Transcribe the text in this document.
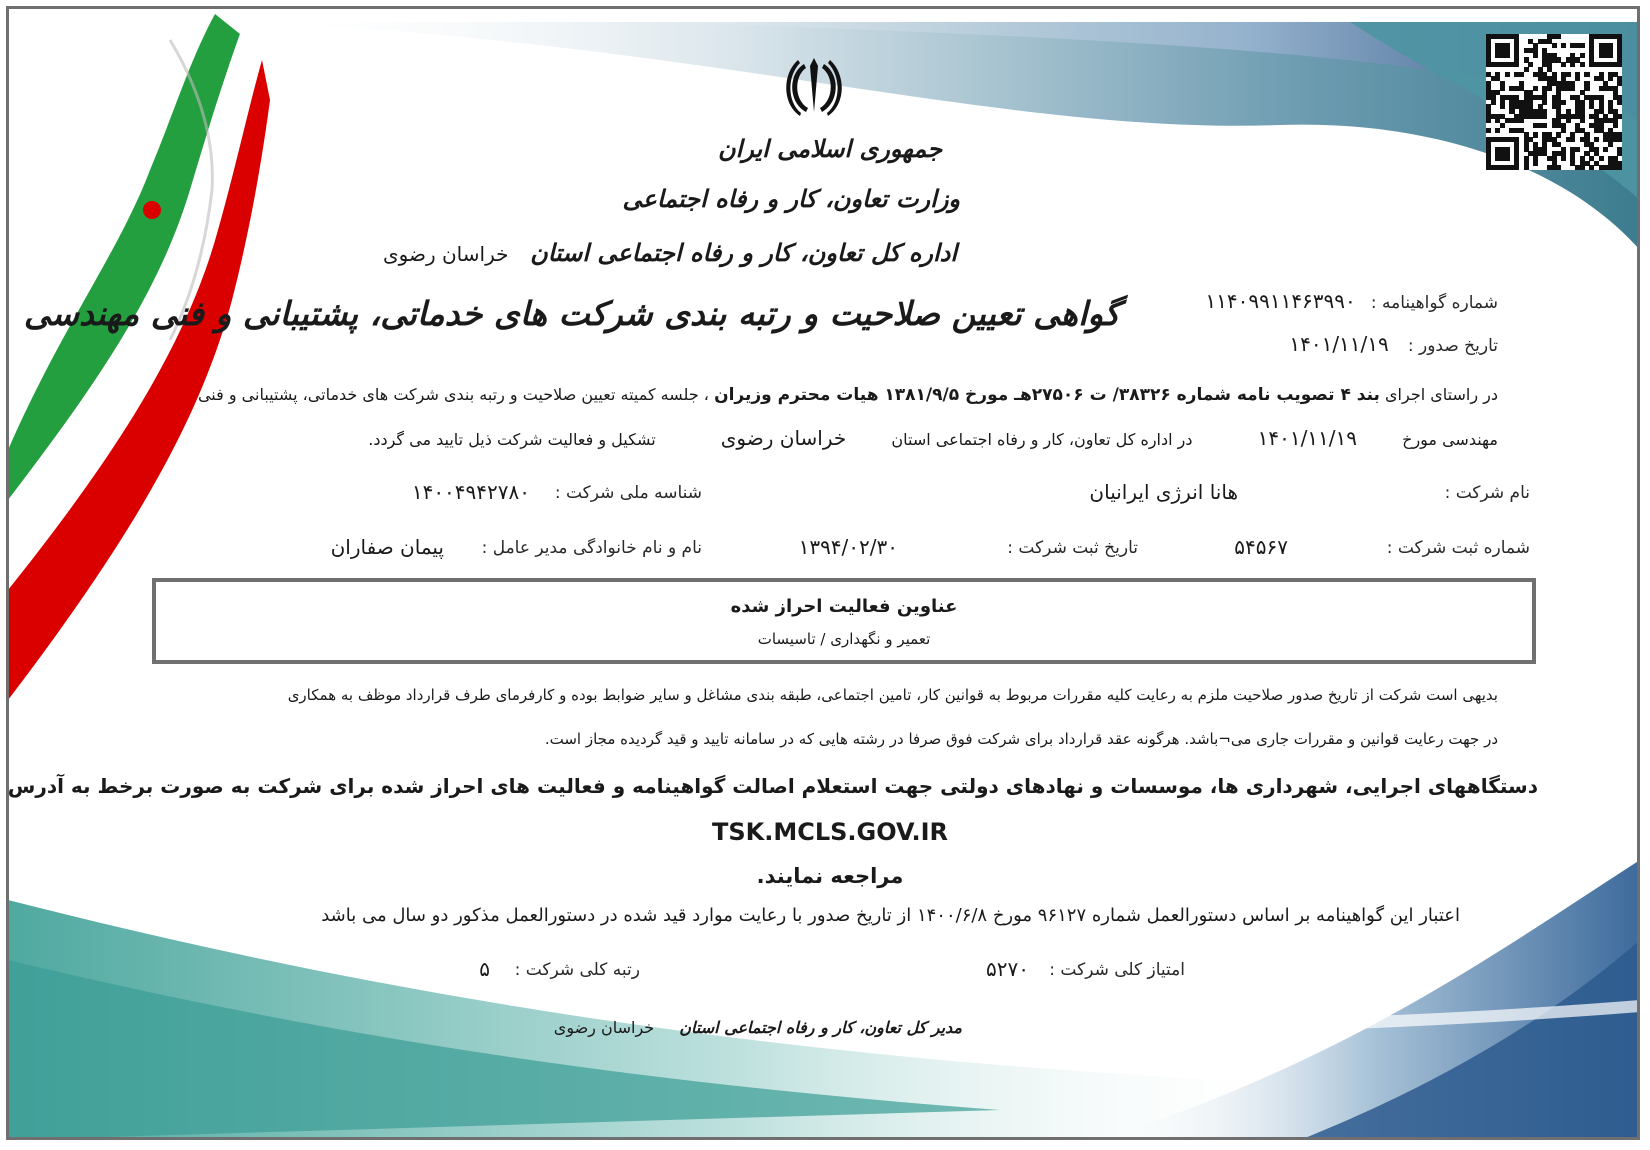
جمهوری اسلامی ایران
وزارت تعاون، کار و رفاه اجتماعی
اداره کل تعاون، کار و رفاه اجتماعی استان خراسان رضوی
گواهی تعیین صلاحیت و رتبه بندی شرکت های خدماتی، پشتیبانی و فنی مهندسی	شماره گواهینامه : ۱۱۴۰۹۹۱۱۴۶۳۹۹۰
تاریخ صدور : ۱۴۰۱/۱۱/۱۹
در راستای اجرای بند ۴ تصویب نامه شماره ۳۸۳۲۶/ ت ۲۷۵۰۶هـ مورخ ۱۳۸۱/۹/۵ هیات محترم وزیران ، جلسه کمیته تعیین صلاحیت و رتبه بندی شرکت های خدماتی، پشتیبانی و فنی
مهندسی مورخ ۱۴۰۱/۱۱/۱۹ در اداره کل تعاون، کار و رفاه اجتماعی استان خراسان رضوی تشکیل و فعالیت شرکت ذیل تایید می گردد.
نام شرکت :
هانا انرژی ایرانیان
شناسه ملی شرکت :
۱۴۰۰۴۹۴۲۷۸۰
شماره ثبت شرکت :
۵۴۵۶۷
تاریخ ثبت شرکت :
۱۳۹۴/۰۲/۳۰
نام و نام خانوادگی مدیر عامل :
پیمان صفاران
عناوین فعالیت احراز شده
تعمیر و نگهداری / تاسیسات
بدیهی است شرکت از تاریخ صدور صلاحیت ملزم به رعایت کلیه مقررات مربوط به قوانین کار، تامین اجتماعی، طبقه بندی مشاغل و سایر ضوابط بوده و کارفرمای طرف قرارداد موظف به همکاری
در جهت رعایت قوانین و مقررات جاری می¬باشد. هرگونه عقد قرارداد برای شرکت فوق صرفا در رشته هایی که در سامانه تایید و قید گردیده مجاز است.
دستگاههای اجرایی، شهرداری ها، موسسات و نهادهای دولتی جهت استعلام اصالت گواهینامه و فعالیت های احراز شده برای شرکت به صورت برخط به آدرس
TSK.MCLS.GOV.IR
مراجعه نمایند.
اعتبار این گواهینامه بر اساس دستورالعمل شماره ۹۶۱۲۷ مورخ ۱۴۰۰/۶/۸ از تاریخ صدور با رعایت موارد قید شده در دستورالعمل مذکور دو سال می باشد
امتیاز کلی شرکت :
۵۲۷۰
رتبه کلی شرکت :
۵
مدیر کل تعاون، کار و رفاه اجتماعی استان خراسان رضوی
